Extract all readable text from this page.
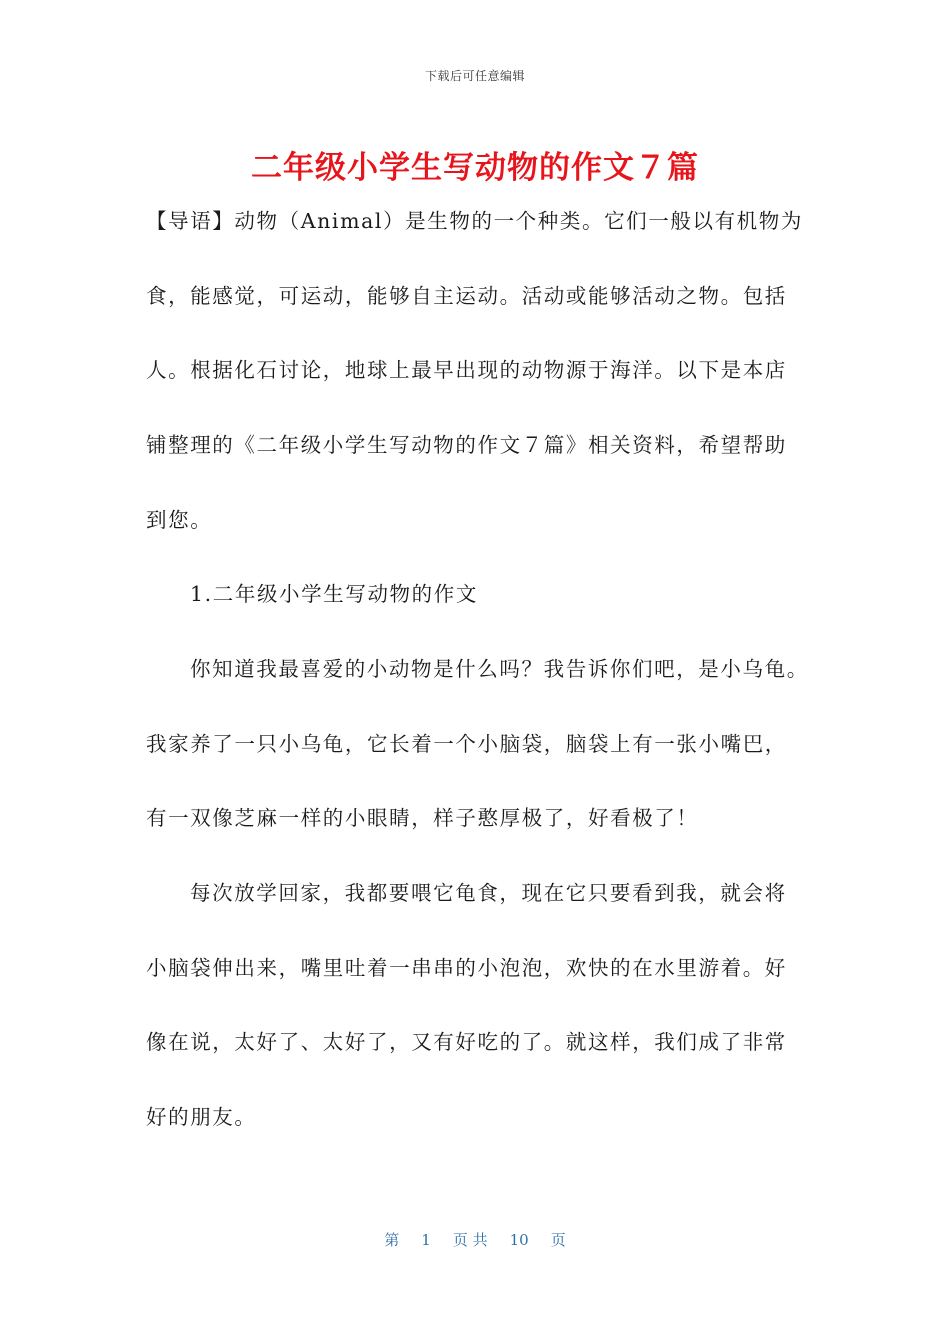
下载后可任意编辑
二年级小学生写动物的作文７篇
【导语】动物（Animal）是生物的一个种类。它们一般以有机物为
食，能感觉，可运动，能够自主运动。活动或能够活动之物。包括
人。根据化石讨论，地球上最早出现的动物源于海洋。以下是本店
铺整理的《二年级小学生写动物的作文７篇》相关资料，希望帮助
到您。
1.二年级小学生写动物的作文
你知道我最喜爱的小动物是什么吗？我告诉你们吧，是小乌龟。
我家养了一只小乌龟，它长着一个小脑袋，脑袋上有一张小嘴巴，
有一双像芝麻一样的小眼睛，样子憨厚极了，好看极了！
每次放学回家，我都要喂它龟食，现在它只要看到我，就会将
小脑袋伸出来，嘴里吐着一串串的小泡泡，欢快的在水里游着。好
像在说，太好了、太好了，又有好吃的了。就这样，我们成了非常
好的朋友。
第 1 页 共 10 页
